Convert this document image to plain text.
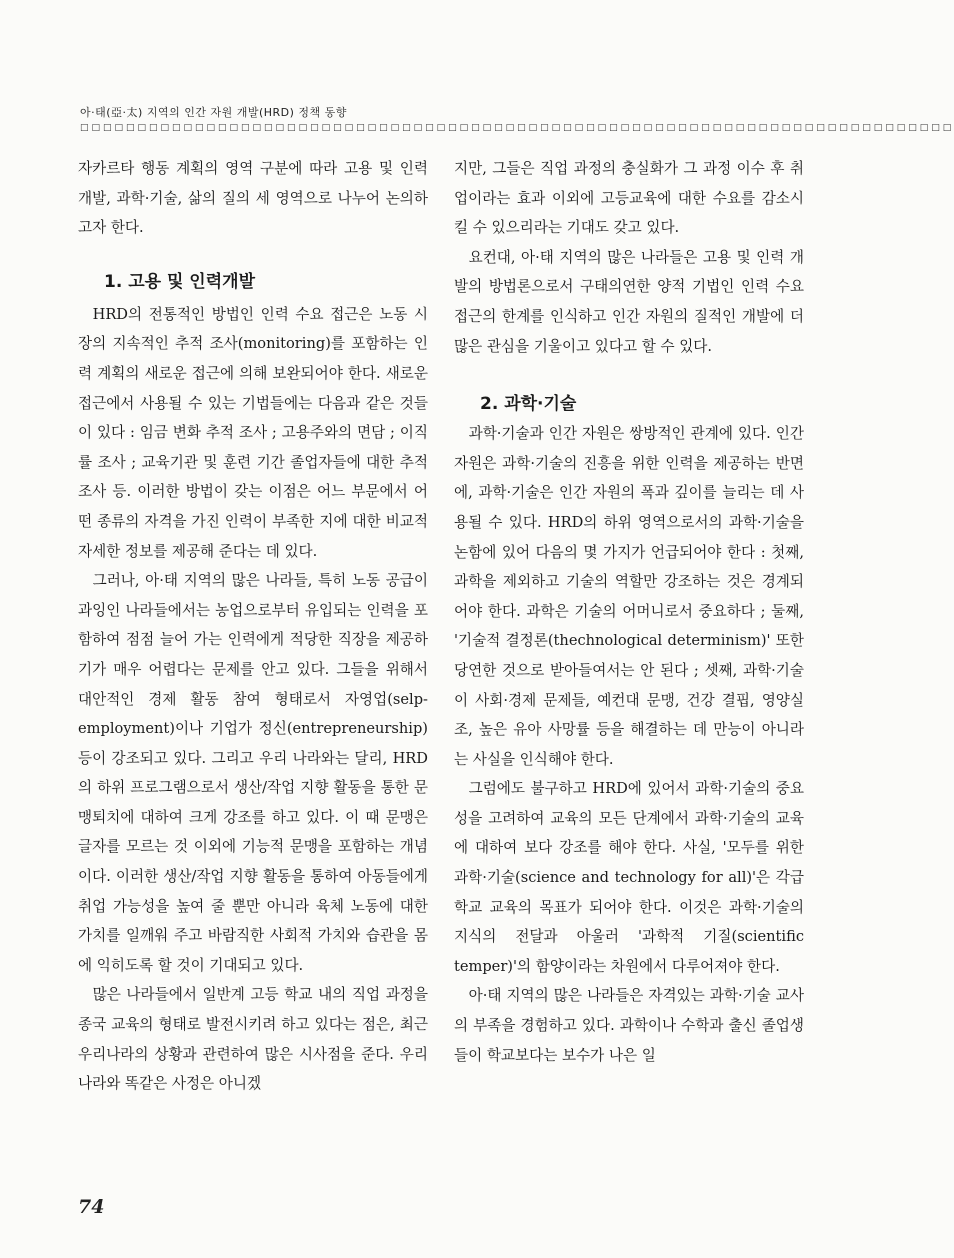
아·태(亞·太) 지역의 인간 자원 개발(HRD) 정책 동향
□□□□□□□□□□□□□□□□□□□□□□□□□□□□□□□□□□□□□□□□□□□□□□□□□□□□□□□□□□□□□□□□□□□□□□□□□□□□

자카르타 행동 계획의 영역 구분에 따라 고용 및 인력 개발, 과학·기술, 삶의 질의 세 영역으로 나누어 논의하고자 한다.

1. 고용 및 인력개발

HRD의 전통적인 방법인 인력 수요 접근은 노동 시장의 지속적인 추적 조사(monitoring)를 포함하는 인력 계획의 새로운 접근에 의해 보완되어야 한다. 새로운 접근에서 사용될 수 있는 기법들에는 다음과 같은 것들이 있다 : 임금 변화 추적 조사 ; 고용주와의 면담 ; 이직률 조사 ; 교육기관 및 훈련 기간 졸업자들에 대한 추적 조사 등. 이러한 방법이 갖는 이점은 어느 부문에서 어떤 종류의 자격을 가진 인력이 부족한 지에 대한 비교적 자세한 정보를 제공해 준다는 데 있다.

그러나, 아·태 지역의 많은 나라들, 특히 노동 공급이 과잉인 나라들에서는 농업으로부터 유입되는 인력을 포함하여 점점 늘어 가는 인력에게 적당한 직장을 제공하기가 매우 어렵다는 문제를 안고 있다. 그들을 위해서 대안적인 경제 활동 참여 형태로서 자영업(selp-employment)이나 기업가 정신(entrepreneurship) 등이 강조되고 있다. 그리고 우리 나라와는 달리, HRD의 하위 프로그램으로서 생산/작업 지향 활동을 통한 문맹퇴치에 대하여 크게 강조를 하고 있다. 이 때 문맹은 글자를 모르는 것 이외에 기능적 문맹을 포함하는 개념이다. 이러한 생산/작업 지향 활동을 통하여 아동들에게 취업 가능성을 높여 줄 뿐만 아니라 육체 노동에 대한 가치를 일깨워 주고 바람직한 사회적 가치와 습관을 몸에 익히도록 할 것이 기대되고 있다.

많은 나라들에서 일반계 고등 학교 내의 직업 과정을 종국 교육의 형태로 발전시키려 하고 있다는 점은, 최근 우리나라의 상황과 관련하여 많은 시사점을 준다. 우리 나라와 똑같은 사정은 아니겠

지만, 그들은 직업 과정의 충실화가 그 과정 이수 후 취업이라는 효과 이외에 고등교육에 대한 수요를 감소시킬 수 있으리라는 기대도 갖고 있다.

요컨대, 아·태 지역의 많은 나라들은 고용 및 인력 개발의 방법론으로서 구태의연한 양적 기법인 인력 수요 접근의 한계를 인식하고 인간 자원의 질적인 개발에 더 많은 관심을 기울이고 있다고 할 수 있다.

2. 과학·기술

과학·기술과 인간 자원은 쌍방적인 관계에 있다. 인간 자원은 과학·기술의 진흥을 위한 인력을 제공하는 반면에, 과학·기술은 인간 자원의 폭과 깊이를 늘리는 데 사용될 수 있다. HRD의 하위 영역으로서의 과학·기술을 논함에 있어 다음의 몇 가지가 언급되어야 한다 : 첫째, 과학을 제외하고 기술의 역할만 강조하는 것은 경계되어야 한다. 과학은 기술의 어머니로서 중요하다 ; 둘째, '기술적 결정론(thechnological determinism)' 또한 당연한 것으로 받아들여서는 안 된다 ; 셋째, 과학·기술이 사회·경제 문제들, 예컨대 문맹, 건강 결핍, 영양실조, 높은 유아 사망률 등을 해결하는 데 만능이 아니라는 사실을 인식해야 한다.

그럼에도 불구하고 HRD에 있어서 과학·기술의 중요성을 고려하여 교육의 모든 단계에서 과학·기술의 교육에 대하여 보다 강조를 해야 한다. 사실, '모두를 위한 과학·기술(science and technology for all)'은 각급학교 교육의 목표가 되어야 한다. 이것은 과학·기술의 지식의 전달과 아울러 '과학적 기질(scientific temper)'의 함양이라는 차원에서 다루어져야 한다.

아·태 지역의 많은 나라들은 자격있는 과학·기술 교사의 부족을 경험하고 있다. 과학이나 수학과 출신 졸업생들이 학교보다는 보수가 나은 일

74
